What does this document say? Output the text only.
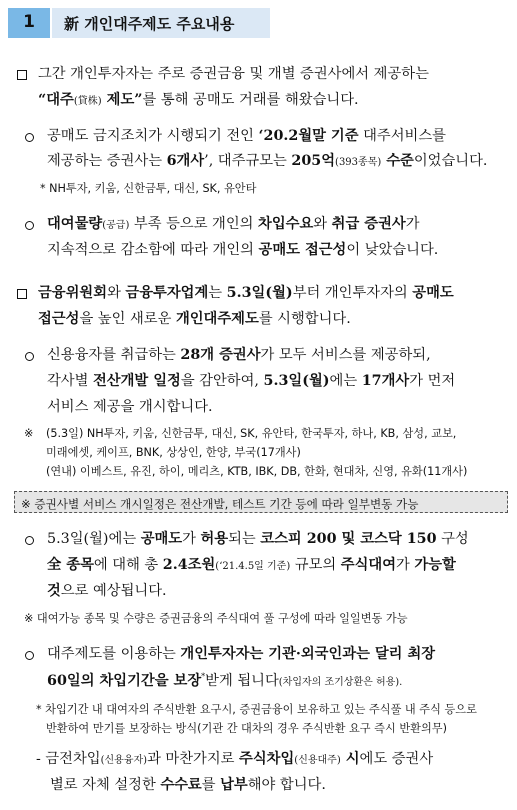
1	新 개인대주제도 주요내용
그간 개인투자자는 주로 증권금융 및 개별 증권사에서 제공하는
“대주(貸株) 제도”를 통해 공매도 거래를 해왔습니다.
공매도 금지조치가 시행되기 전인 ‘20.2월말 기준 대주서비스를
제공하는 증권사는 6개사’, 대주규모는 205억(393종목) 수준이었습니다.
* NH투자, 키움, 신한금투, 대신, SK, 유안타
대여물량(공급) 부족 등으로 개인의 차입수요와 취급 증권사가
지속적으로 감소함에 따라 개인의 공매도 접근성이 낮았습니다.
금융위원회와 금융투자업계는 5.3일(월)부터 개인투자자의 공매도
접근성을 높인 새로운 개인대주제도를 시행합니다.
신용융자를 취급하는 28개 증권사가 모두 서비스를 제공하되,
각사별 전산개발 일정을 감안하여, 5.3일(월)에는 17개사가 먼저
서비스 제공을 개시합니다.
※ (5.3일) NH투자, 키움, 신한금투, 대신, SK, 유안타, 한국투자, 하나, KB, 삼성, 교보,
미래에셋, 케이프, BNK, 상상인, 한양, 부국(17개사)
(연내) 이베스트, 유진, 하이, 메리츠, KTB, IBK, DB, 한화, 현대차, 신영, 유화(11개사)
※ 증권사별 서비스 개시일정은 전산개발, 테스트 기간 등에 따라 일부변동 가능
5.3일(월)에는 공매도가 허용되는 코스피 200 및 코스닥 150 구성
全 종목에 대해 총 2.4조원(‘21.4.5일 기준) 규모의 주식대여가 가능할
것으로 예상됩니다.
※ 대여가능 종목 및 수량은 증권금융의 주식대여 풀 구성에 따라 일일변동 가능
대주제도를 이용하는 개인투자자는 기관·외국인과는 달리 최장
60일의 차입기간을 보장*받게 됩니다(차입자의 조기상환은 허용).
* 차입기간 내 대여자의 주식반환 요구시, 증권금융이 보유하고 있는 주식풀 내 주식 등으로
반환하여 만기를 보장하는 방식(기관 간 대차의 경우 주식반환 요구 즉시 반환의무)
- 금전차입(신용융자)과 마찬가지로 주식차입(신용대주) 시에도 증권사
별로 자체 설정한 수수료를 납부해야 합니다.
